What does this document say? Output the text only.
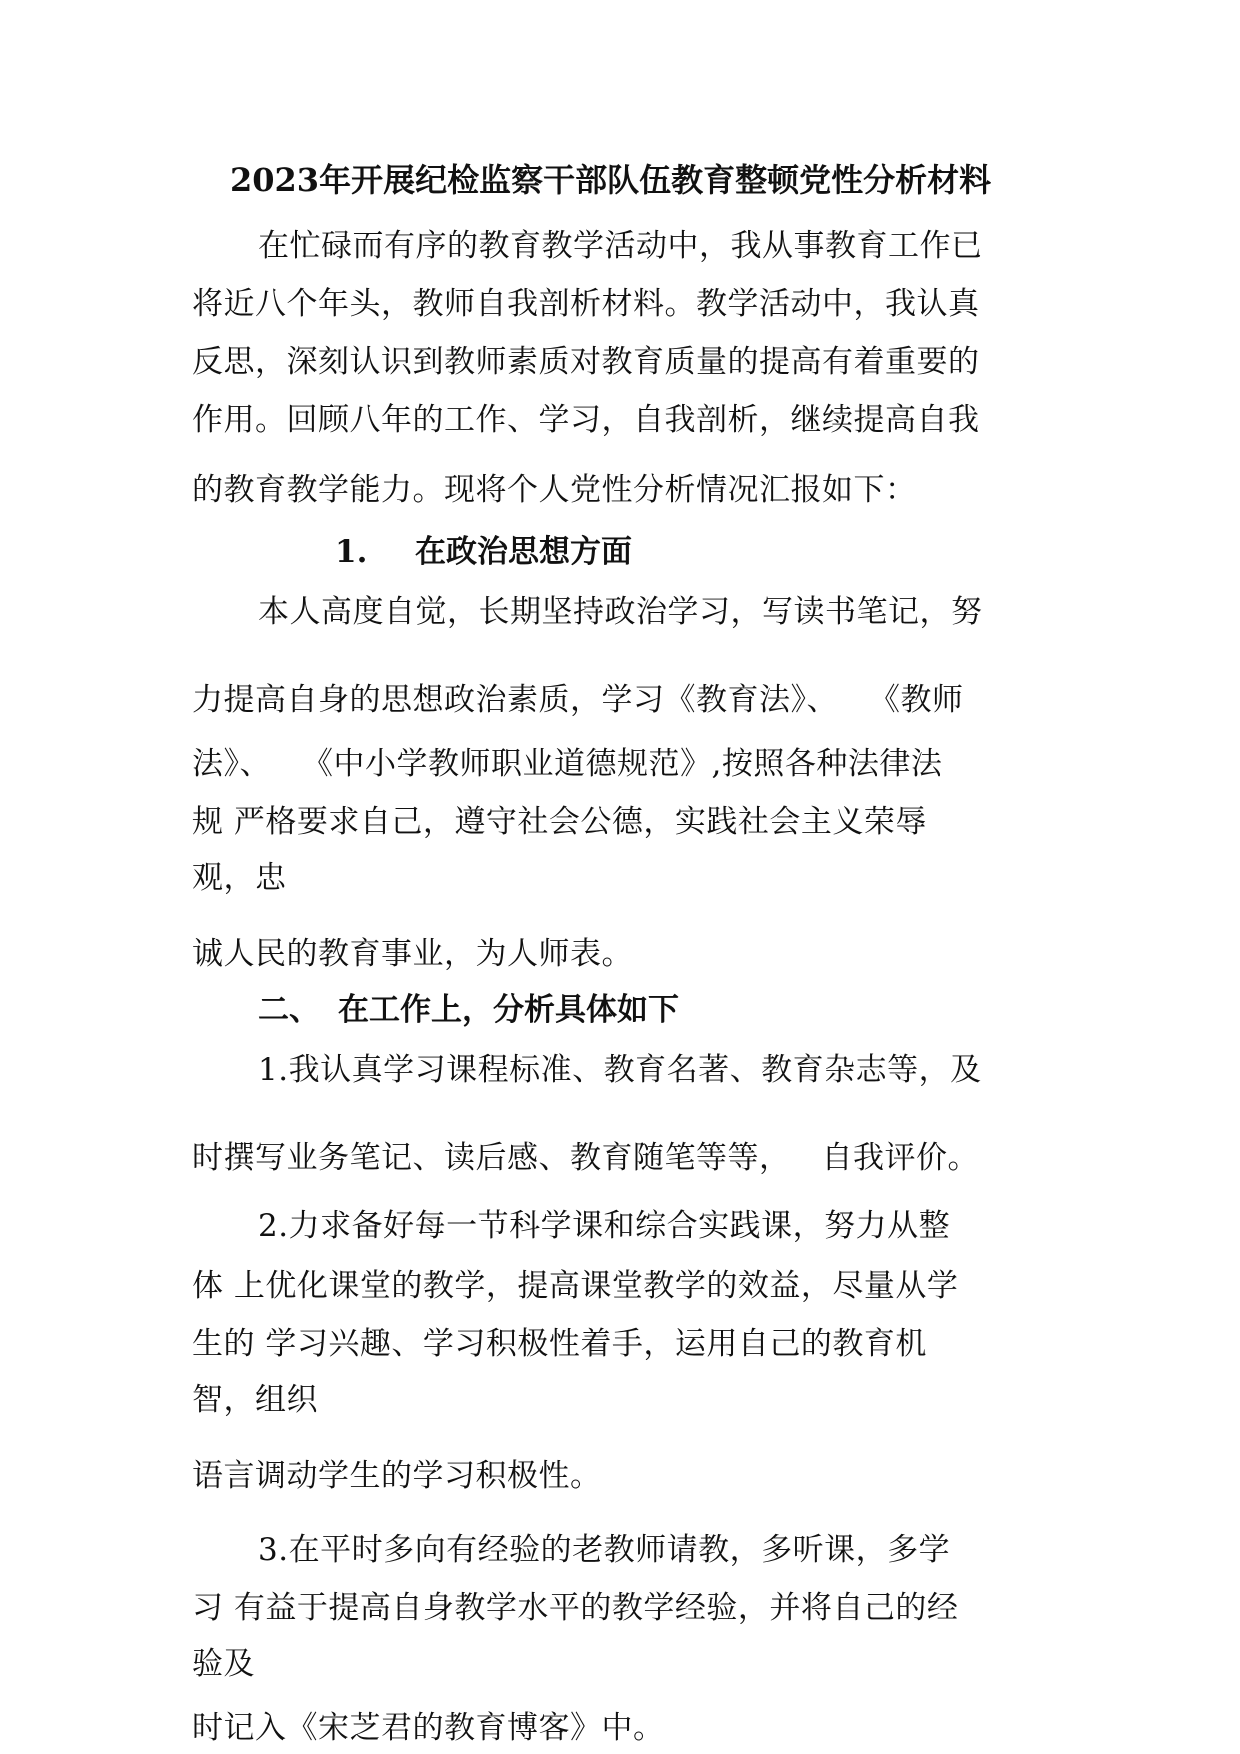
2023年开展纪检监察干部队伍教育整顿党性分析材料
在忙碌而有序的教育教学活动中，我从事教育工作已
将近八个年头，教师自我剖析材料。教学活动中，我认真
反思，深刻认识到教师素质对教育质量的提高有着重要的
作用。回顾八年的工作、学习，自我剖析，继续提高自我
的教育教学能力。现将个人党性分析情况汇报如下：
1. 在政治思想方面
本人高度自觉，长期坚持政治学习，写读书笔记，努
力提高自身的思想政治素质，学习《教育法》、   《教师
法》、   《中小学教师职业道德规范》,按照各种法律法
规 严格要求自己，遵守社会公德，实践社会主义荣辱
观，忠
诚人民的教育事业，为人师表。
二、 在工作上，分析具体如下
1.我认真学习课程标准、教育名著、教育杂志等，及
时撰写业务笔记、读后感、教育随笔等等，   自我评价。
2.力求备好每一节科学课和综合实践课，努力从整
体 上优化课堂的教学，提高课堂教学的效益，尽量从学
生的 学习兴趣、学习积极性着手，运用自己的教育机
智，组织
语言调动学生的学习积极性。
3.在平时多向有经验的老教师请教，多听课，多学
习 有益于提高自身教学水平的教学经验，并将自己的经
验及
时记入《宋芝君的教育博客》中。
